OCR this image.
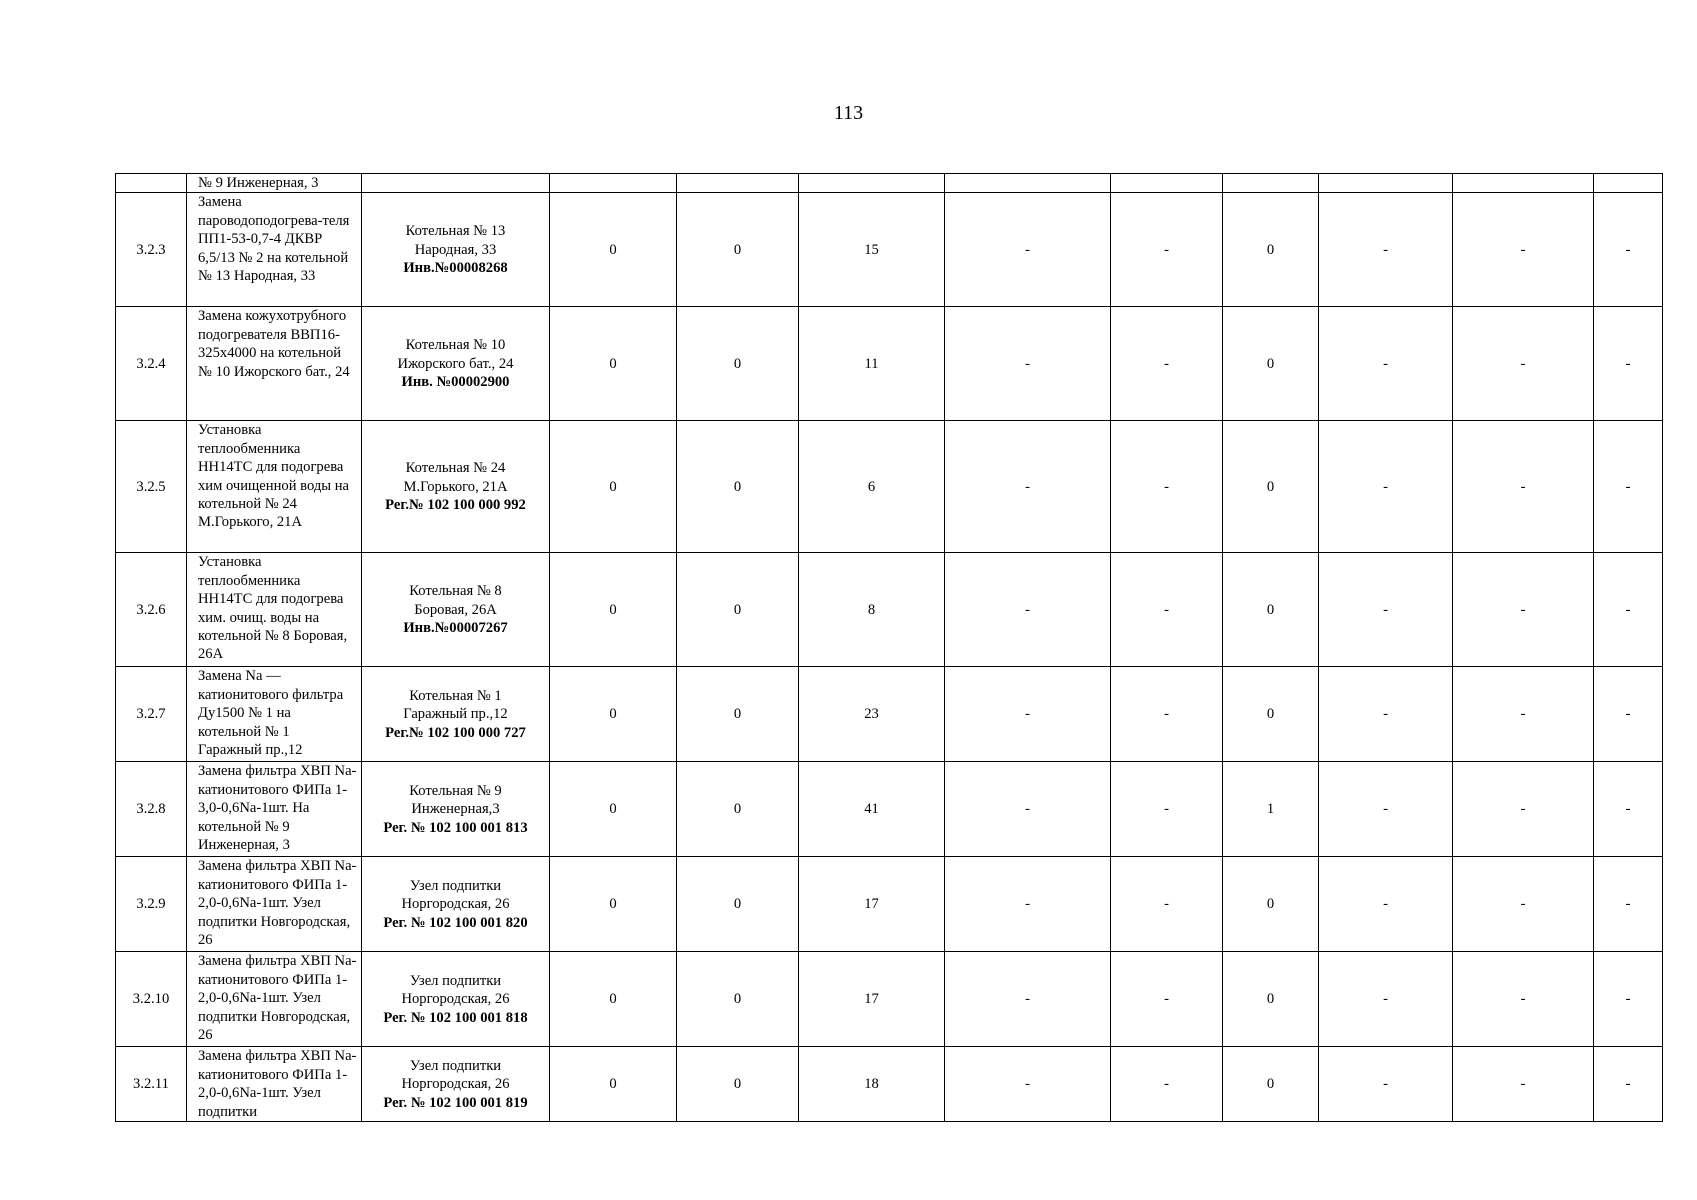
113
	№ 9 Инженерная, 3										
3.2.3	Замена пароводоподогрева-теля ПП1-53-0,7-4 ДКВР 6,5/13 № 2 на котельной № 13 Народная, 33	Котельная № 13
Народная, 33
Инв.№00008268	0	0	15	-	-	0	-	-	-
3.2.4	Замена кожухотрубного подогревателя ВВП16-325х4000 на котельной № 10 Ижорского бат., 24	Котельная № 10
Ижорского бат., 24
Инв. №00002900	0	0	11	-	-	0	-	-	-
3.2.5	Установка теплообменника НН14ТС для подогрева хим очищенной воды на котельной № 24 М.Горького, 21А	Котельная № 24
М.Горького, 21А
Рег.№ 102 100 000 992	0	0	6	-	-	0	-	-	-
3.2.6	Установка теплообменника НН14ТС для подогрева хим. очищ. воды на котельной № 8 Боровая, 26А	Котельная № 8
Боровая, 26А
Инв.№00007267	0	0	8	-	-	0	-	-	-
3.2.7	Замена Na — катионитового фильтра Ду1500 № 1 на котельной № 1 Гаражный пр.,12	Котельная № 1
Гаражный пр.,12
Рег.№ 102 100 000 727	0	0	23	-	-	0	-	-	-
3.2.8	Замена фильтра ХВП Na-катионитового ФИПа 1-3,0-0,6Na-1шт. На котельной № 9 Инженерная, 3	Котельная № 9
Инженерная,3
Рег. № 102 100 001 813	0	0	41	-	-	1	-	-	-
3.2.9	Замена фильтра ХВП Na-катионитового ФИПа 1-2,0-0,6Na-1шт. Узел подпитки Новгородская, 26	Узел подпитки
Норгородская, 26
Рег. № 102 100 001 820	0	0	17	-	-	0	-	-	-
3.2.10	Замена фильтра ХВП Na-катионитового ФИПа 1-2,0-0,6Na-1шт. Узел подпитки Новгородская, 26	Узел подпитки
Норгородская, 26
Рег. № 102 100 001 818	0	0	17	-	-	0	-	-	-
3.2.11	Замена фильтра ХВП Na-катионитового ФИПа 1-2,0-0,6Na-1шт. Узел подпитки	Узел подпитки
Норгородская, 26
Рег. № 102 100 001 819	0	0	18	-	-	0	-	-	-
